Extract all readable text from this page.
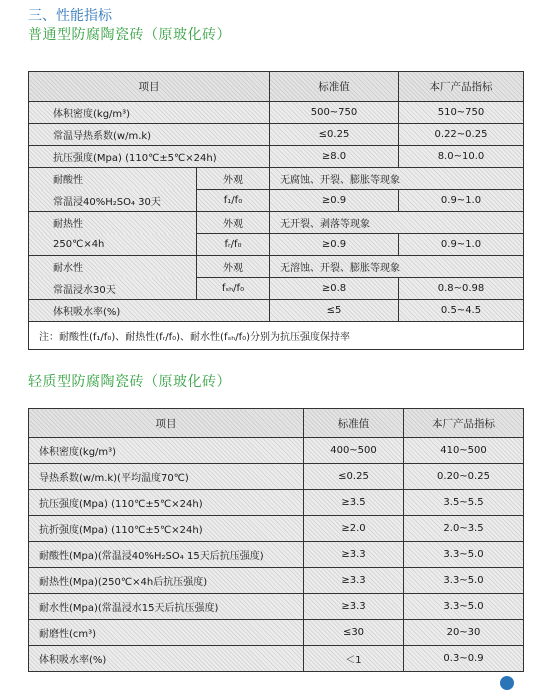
三、性能指标
普通型防腐陶瓷砖（原玻化砖）
项目		标准值	本厂产品指标
体积密度(kg/m³)		500~750	510~750
常温导热系数(w/m.k)		≤0.25	0.22~0.25
抗压强度(Mpa) (110℃±5℃×24h)		≥8.0	8.0~10.0
耐酸性	外观	无腐蚀、开裂、膨胀等现象	
常温浸40%H₂SO₄ 30天	f₁/f₀	≥0.9	0.9~1.0
耐热性	外观	无开裂、剥落等现象	
250℃×4h	fᵣ/f₀	≥0.9	0.9~1.0
耐水性	外观	无溶蚀、开裂、膨胀等现象	
常温浸水30天	fₛₕ/f₀	≥0.8	0.8~0.98
体积吸水率(%)		≤5	0.5~4.5
注：耐酸性(f₁/f₀)、耐热性(fᵣ/f₀)、耐水性(fₛₕ/f₀)分别为抗压强度保持率			
轻质型防腐陶瓷砖（原玻化砖）
项目	标准值	本厂产品指标
体积密度(kg/m³)	400~500	410~500
导热系数(w/m.k)(平均温度70℃)	≤0.25	0.20~0.25
抗压强度(Mpa) (110℃±5℃×24h)	≥3.5	3.5~5.5
抗折强度(Mpa) (110℃±5℃×24h)	≥2.0	2.0~3.5
耐酸性(Mpa)(常温浸40%H₂SO₄ 15天后抗压强度)	≥3.3	3.3~5.0
耐热性(Mpa)(250℃×4h后抗压强度)	≥3.3	3.3~5.0
耐水性(Mpa)(常温浸水15天后抗压强度)	≥3.3	3.3~5.0
耐磨性(cm³)	≤30	20~30
体积吸水率(%)	＜1	0.3~0.9
